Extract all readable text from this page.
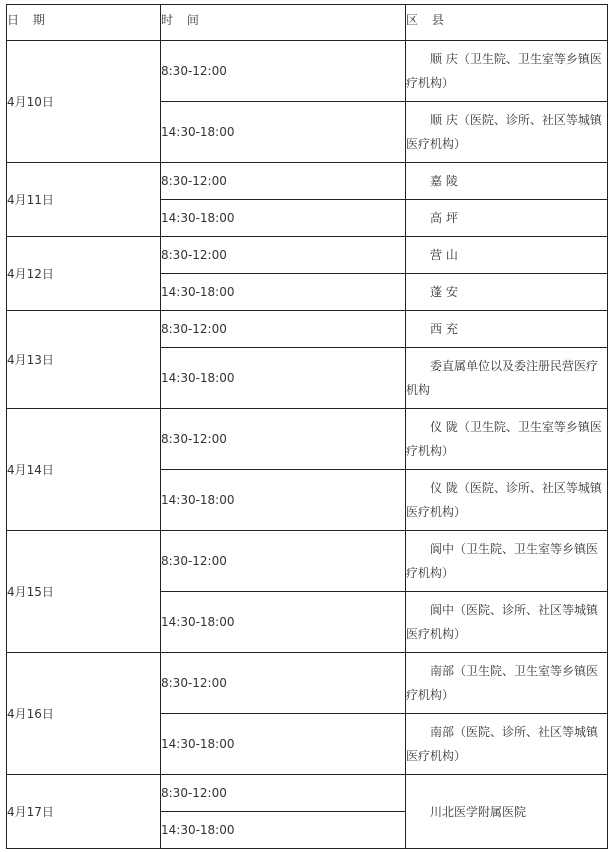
日 期	时 间	区 县
4月10日	8:30-12:00	顺 庆（卫生院、卫生室等乡镇医疗机构）
	14:30-18:00	顺 庆（医院、诊所、社区等城镇医疗机构）
4月11日	8:30-12:00	嘉 陵
	14:30-18:00	高 坪
4月12日	8:30-12:00	营 山
	14:30-18:00	蓬 安
4月13日	8:30-12:00	西 充
	14:30-18:00	委直属单位以及委注册民营医疗机构
4月14日	8:30-12:00	仪 陇（卫生院、卫生室等乡镇医疗机构）
	14:30-18:00	仪 陇（医院、诊所、社区等城镇医疗机构）
4月15日	8:30-12:00	阆中（卫生院、卫生室等乡镇医疗机构）
	14:30-18:00	阆中（医院、诊所、社区等城镇医疗机构）
4月16日	8:30-12:00	南部（卫生院、卫生室等乡镇医疗机构）
	14:30-18:00	南部（医院、诊所、社区等城镇医疗机构）
4月17日	8:30-12:00	川北医学附属医院
	14:30-18:00	
